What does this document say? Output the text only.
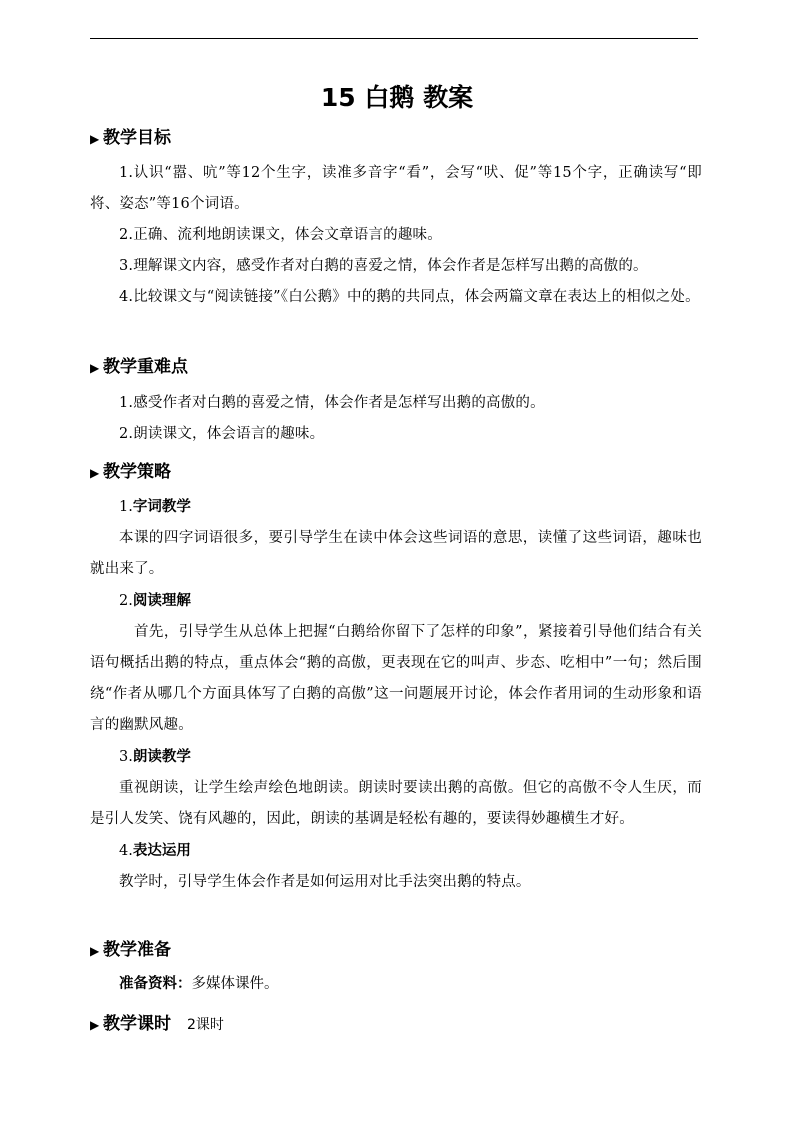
15 白鹅 教案
▶ 教学目标
1.认识“嚣、吭”等12个生字，读准多音字“看”，会写“吠、促”等15个字，正确读写“即将、姿态”等16个词语。
2.正确、流利地朗读课文，体会文章语言的趣味。
3.理解课文内容，感受作者对白鹅的喜爱之情，体会作者是怎样写出鹅的高傲的。
4.比较课文与“阅读链接”《白公鹅》中的鹅的共同点，体会两篇文章在表达上的相似之处。
▶ 教学重难点
1.感受作者对白鹅的喜爱之情，体会作者是怎样写出鹅的高傲的。
2.朗读课文，体会语言的趣味。
▶ 教学策略
1.字词教学
本课的四字词语很多，要引导学生在读中体会这些词语的意思，读懂了这些词语，趣味也就出来了。
2.阅读理解
首先，引导学生从总体上把握“白鹅给你留下了怎样的印象”，紧接着引导他们结合有关语句概括出鹅的特点，重点体会“鹅的高傲，更表现在它的叫声、步态、吃相中”一句；然后围绕“作者从哪几个方面具体写了白鹅的高傲”这一问题展开讨论，体会作者用词的生动形象和语言的幽默风趣。
3.朗读教学
重视朗读，让学生绘声绘色地朗读。朗读时要读出鹅的高傲。但它的高傲不令人生厌，而是引人发笑、饶有风趣的，因此，朗读的基调是轻松有趣的，要读得妙趣横生才好。
4.表达运用
教学时，引导学生体会作者是如何运用对比手法突出鹅的特点。
▶ 教学准备
准备资料：多媒体课件。
▶ 教学课时 2课时
